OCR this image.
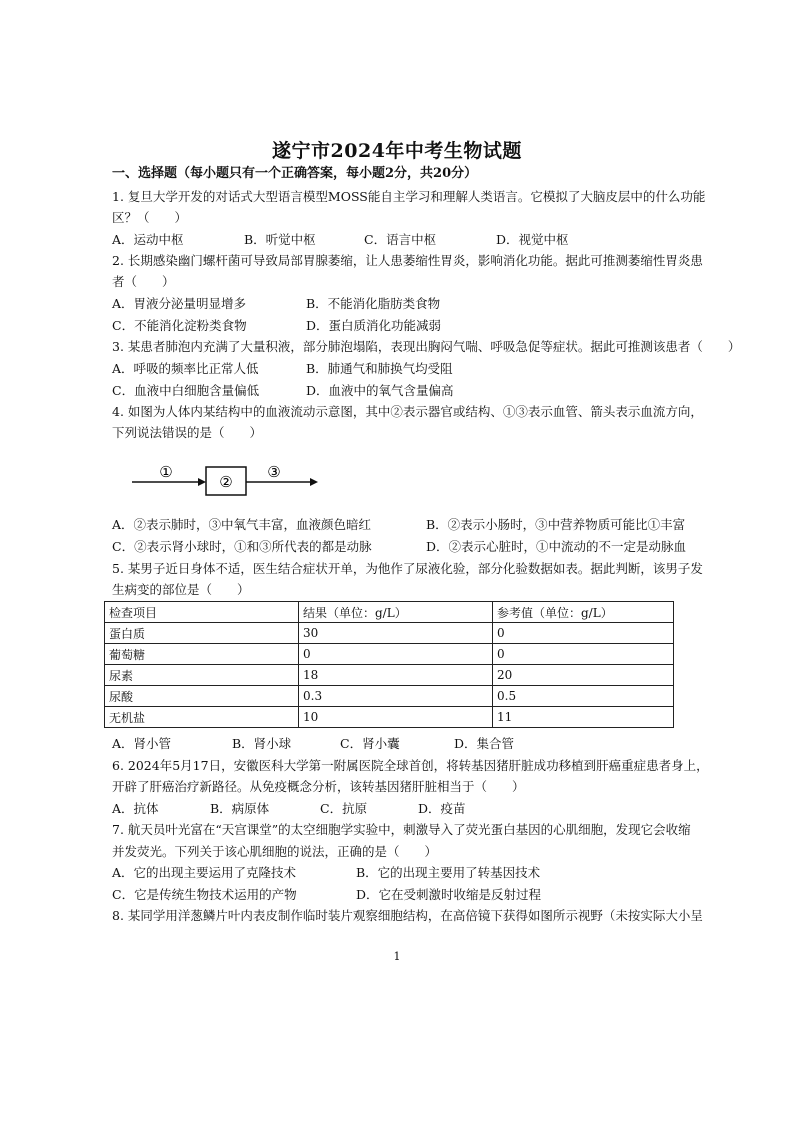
遂宁市2024年中考生物试题
一、选择题（每小题只有一个正确答案，每小题2分，共20分）
1. 复旦大学开发的对话式大型语言模型MOSS能自主学习和理解人类语言。它模拟了大脑皮层中的什么功能
区？（　　）
A．运动中枢	B．听觉中枢	C．语言中枢	D．视觉中枢
2. 长期感染幽门螺杆菌可导致局部胃腺萎缩，让人患萎缩性胃炎，影响消化功能。据此可推测萎缩性胃炎患
者（　　）
A．胃液分泌量明显增多	B．不能消化脂肪类食物
C．不能消化淀粉类食物	D．蛋白质消化功能减弱
3. 某患者肺泡内充满了大量积液，部分肺泡塌陷，表现出胸闷气喘、呼吸急促等症状。据此可推测该患者（　　）
A．呼吸的频率比正常人低	B．肺通气和肺换气均受阻
C．血液中白细胞含量偏低	D．血液中的氧气含量偏高
4. 如图为人体内某结构中的血液流动示意图，其中②表示器官或结构、①③表示血管、箭头表示血流方向，
下列说法错误的是（　　）
①
②
③
A．②表示肺时，③中氧气丰富，血液颜色暗红	B．②表示小肠时，③中营养物质可能比①丰富
C．②表示肾小球时，①和③所代表的都是动脉	D．②表示心脏时，①中流动的不一定是动脉血
5. 某男子近日身体不适，医生结合症状开单，为他作了尿液化验，部分化验数据如表。据此判断，该男子发
生病变的部位是（　　）
检查项目	结果（单位：g/L）	参考值（单位：g/L）
蛋白质	30	0
葡萄糖	0	0
尿素	18	20
尿酸	0.3	0.5
无机盐	10	11
A．肾小管	B．肾小球	C．肾小囊	D．集合管
6. 2024年5月17日，安徽医科大学第一附属医院全球首创，将转基因猪肝脏成功移植到肝癌重症患者身上，
开辟了肝癌治疗新路径。从免疫概念分析，该转基因猪肝脏相当于（　　）
A．抗体	B．病原体	C．抗原	D．疫苗
7. 航天员叶光富在“天宫课堂”的太空细胞学实验中，刺激导入了荧光蛋白基因的心肌细胞，发现它会收缩
并发荧光。下列关于该心肌细胞的说法，正确的是（　　）
A．它的出现主要运用了克隆技术	B．它的出现主要用了转基因技术
C．它是传统生物技术运用的产物	D．它在受刺激时收缩是反射过程
8. 某同学用洋葱鳞片叶内表皮制作临时装片观察细胞结构，在高倍镜下获得如图所示视野（未按实际大小呈
1
